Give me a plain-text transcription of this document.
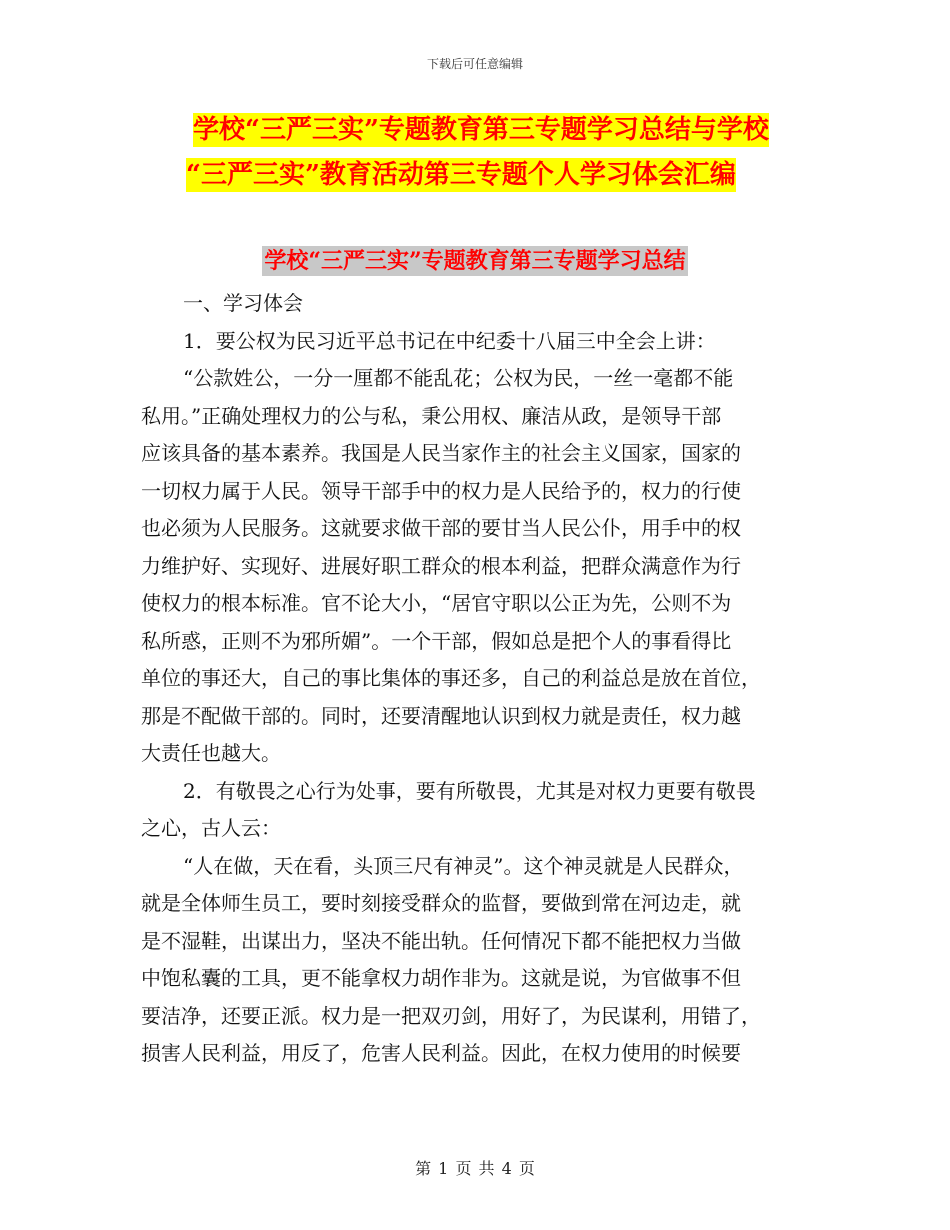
下载后可任意编辑
学校“三严三实”专题教育第三专题学习总结与学校
“三严三实”教育活动第三专题个人学习体会汇编
学校“三严三实”专题教育第三专题学习总结

一、学习体会

1．要公权为民习近平总书记在中纪委十八届三中全会上讲：

“公款姓公，一分一厘都不能乱花；公权为民，一丝一毫都不能

私用。”正确处理权力的公与私，秉公用权、廉洁从政，是领导干部

应该具备的基本素养。我国是人民当家作主的社会主义国家，国家的

一切权力属于人民。领导干部手中的权力是人民给予的，权力的行使

也必须为人民服务。这就要求做干部的要甘当人民公仆，用手中的权

力维护好、实现好、进展好职工群众的根本利益，把群众满意作为行

使权力的根本标准。官不论大小，“居官守职以公正为先，公则不为

私所惑，正则不为邪所媚”。一个干部，假如总是把个人的事看得比

单位的事还大，自己的事比集体的事还多，自己的利益总是放在首位，

那是不配做干部的。同时，还要清醒地认识到权力就是责任，权力越

大责任也越大。

2．有敬畏之心行为处事，要有所敬畏，尤其是对权力更要有敬畏

之心，古人云：

“人在做，天在看，头顶三尺有神灵”。这个神灵就是人民群众，

就是全体师生员工，要时刻接受群众的监督，要做到常在河边走，就

是不湿鞋，出谋出力，坚决不能出轨。任何情况下都不能把权力当做

中饱私囊的工具，更不能拿权力胡作非为。这就是说，为官做事不但

要洁净，还要正派。权力是一把双刃剑，用好了，为民谋利，用错了，

损害人民利益，用反了，危害人民利益。因此，在权力使用的时候要

第 1 页 共 4 页
